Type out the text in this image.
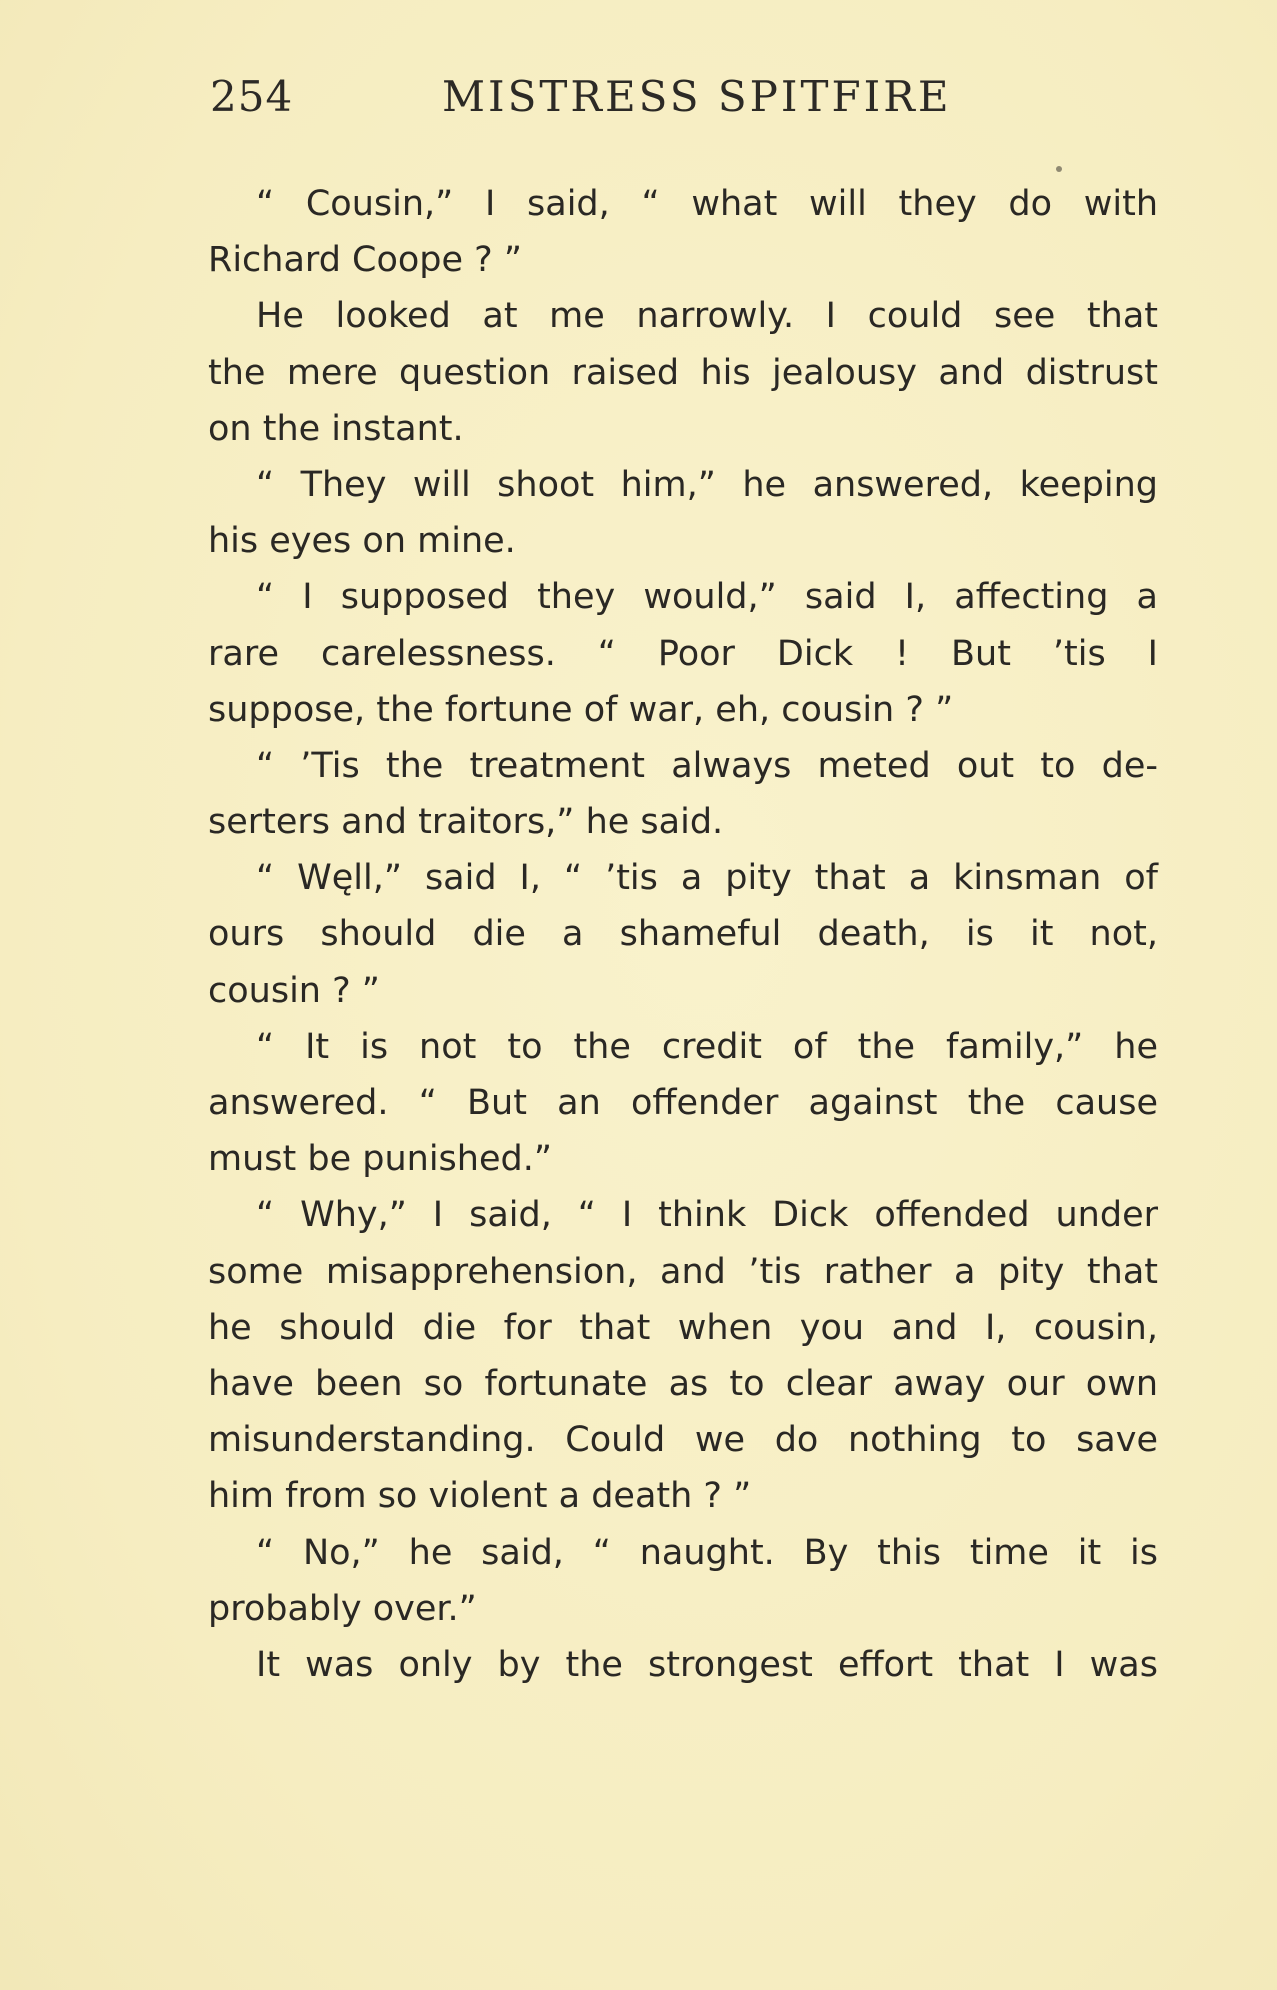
254	MISTRESS SPITFIRE
“ Cousin,” I said, “ what will they do with
Richard Coope ? ”
He looked at me narrowly. I could see that
the mere question raised his jealousy and distrust
on the instant.
“ They will shoot him,” he answered, keeping
his eyes on mine.
“ I supposed they would,” said I, affecting a
rare carelessness. “ Poor Dick ! But ’tis I
suppose, the fortune of war, eh, cousin ? ”
“ ’Tis the treatment always meted out to de-
serters and traitors,” he said.
“ Węll,” said I, “ ’tis a pity that a kinsman of
ours should die a shameful death, is it not,
cousin ? ”
“ It is not to the credit of the family,” he
answered. “ But an offender against the cause
must be punished.”
“ Why,” I said, “ I think Dick offended under
some misapprehension, and ’tis rather a pity that
he should die for that when you and I, cousin,
have been so fortunate as to clear away our own
misunderstanding. Could we do nothing to save
him from so violent a death ? ”
“ No,” he said, “ naught. By this time it is
probably over.”
It was only by the strongest effort that I was
